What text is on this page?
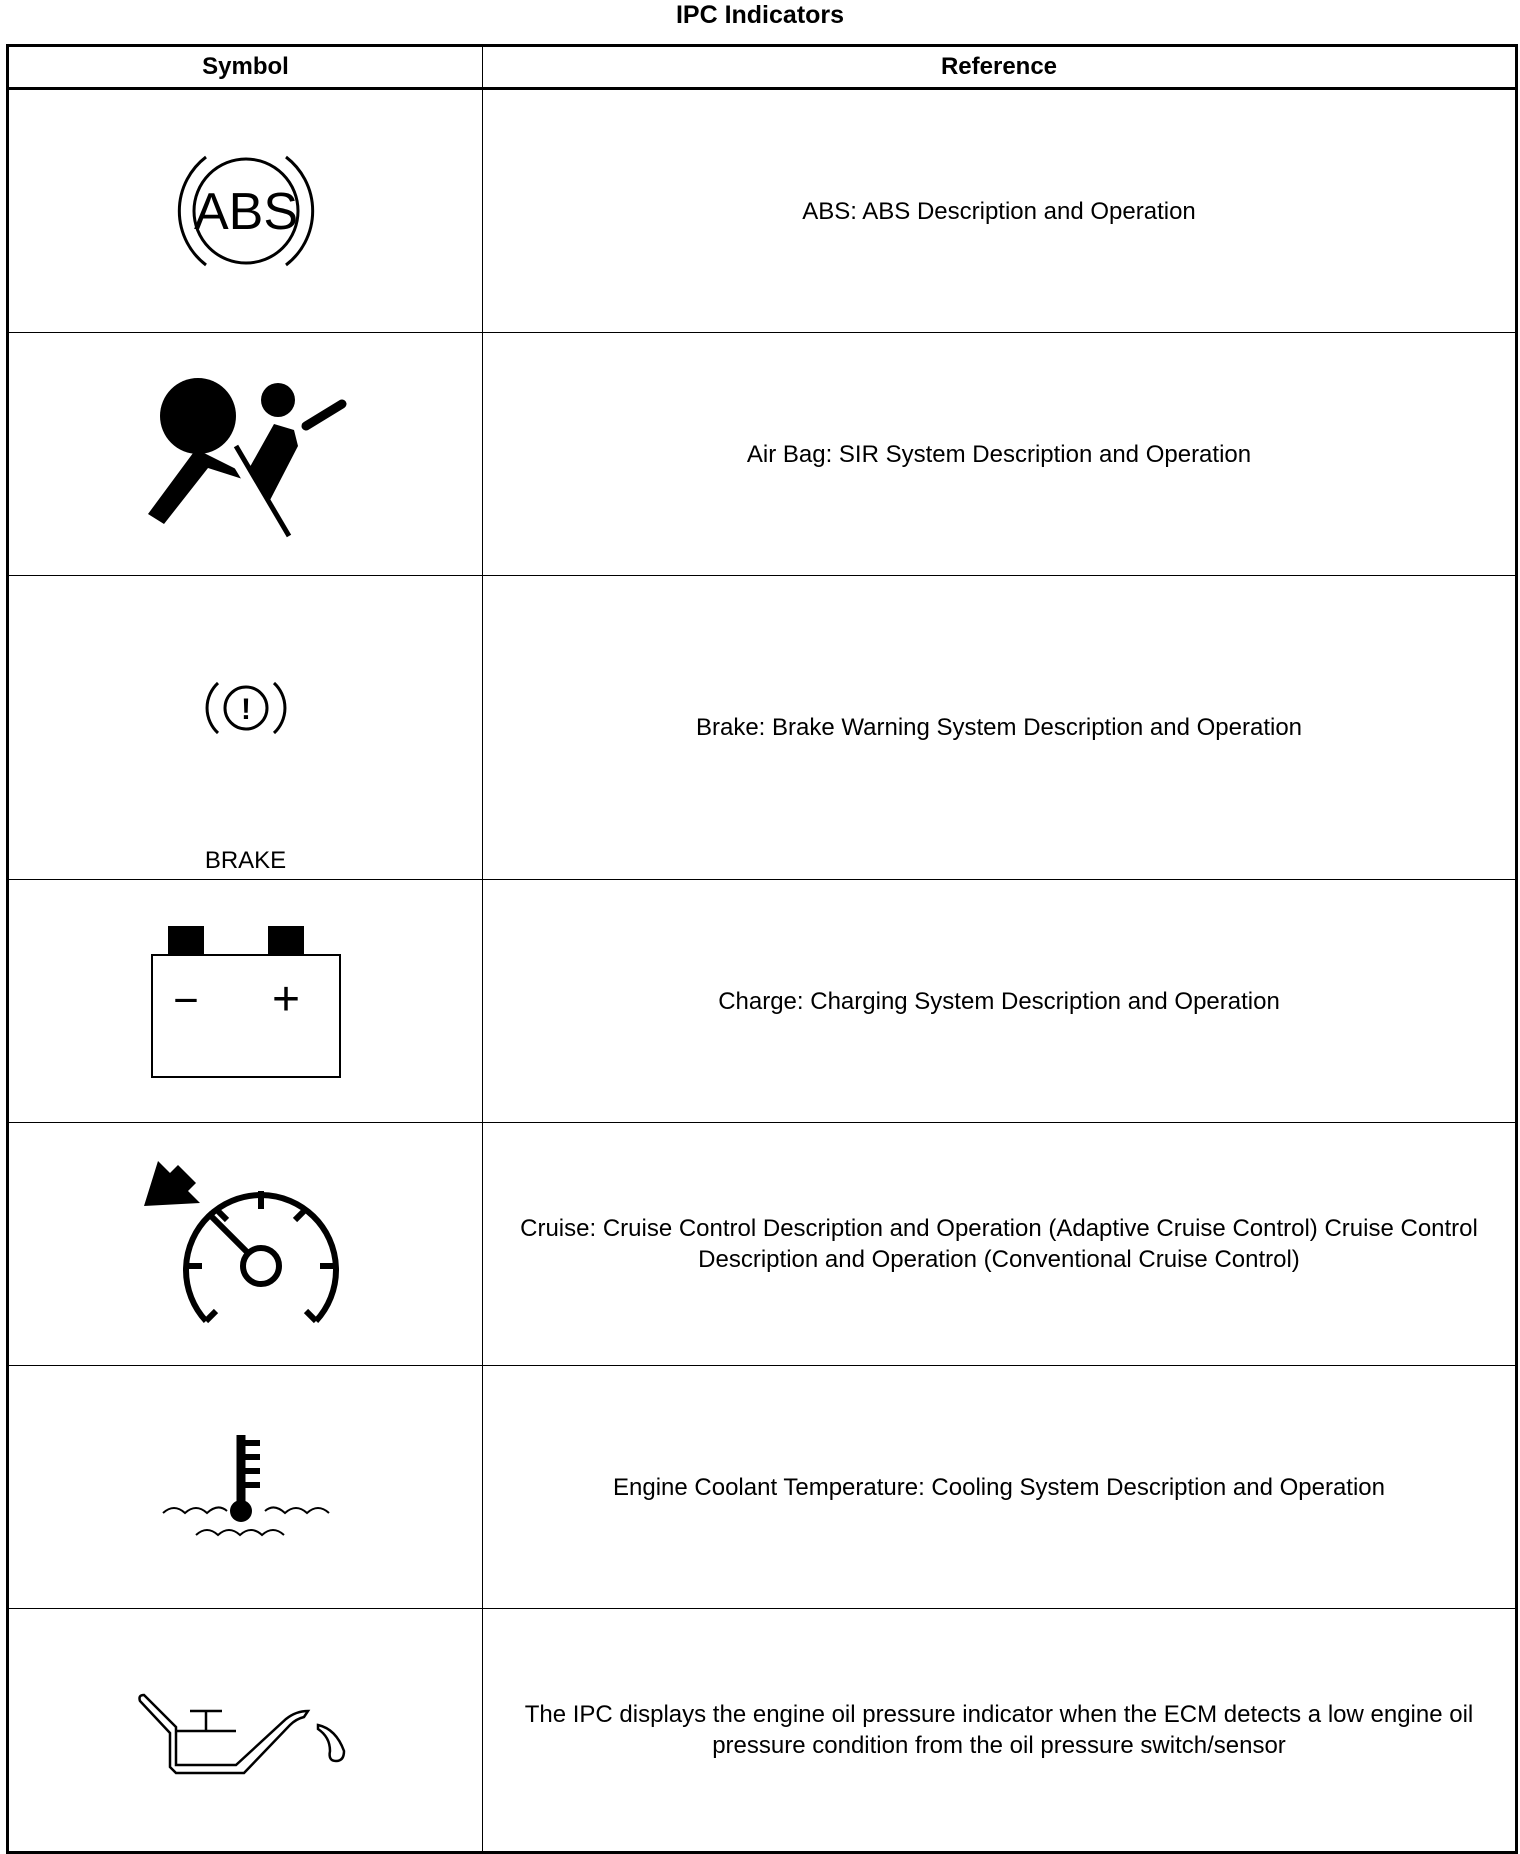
IPC Indicators
Symbol	Reference

ABS	ABS: ABS Description and Operation

	Air Bag: SIR System Description and Operation

!
BRAKE	Brake: Brake Warning System Description and Operation

− +	Charge: Charging System Description and Operation

	Cruise: Cruise Control Description and Operation (Adaptive Cruise Control) Cruise Control Description and Operation (Conventional Cruise Control)

	Engine Coolant Temperature: Cooling System Description and Operation

	The IPC displays the engine oil pressure indicator when the ECM detects a low engine oil pressure condition from the oil pressure switch/sensor
